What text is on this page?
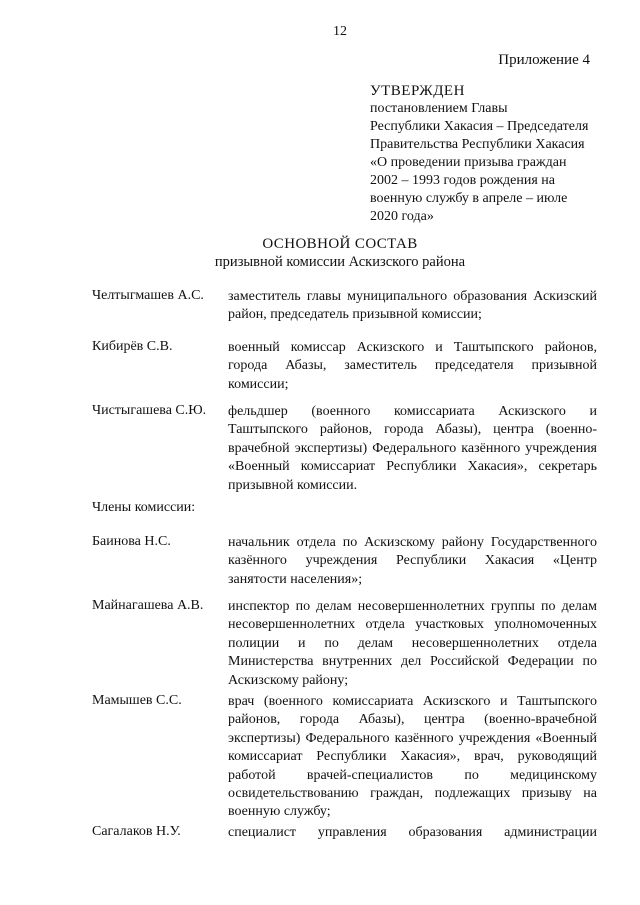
12
Приложение 4
УТВЕРЖДЕН
постановлением Главы
Республики Хакасия – Председателя
Правительства Республики Хакасия
«О проведении призыва граждан
2002 – 1993 годов рождения на
военную службу в апреле – июле
2020 года»
ОСНОВНОЙ СОСТАВ
призывной комиссии Аскизского района
Челтыгмашев А.С.	заместитель главы муниципального образования Аскизский
район, председатель призывной комиссии;
Кибирёв С.В.	военный комиссар Аскизского и Таштыпского районов,
города Абазы, заместитель председателя призывной
комиссии;
Чистыгашева С.Ю.	фельдшер (военного комиссариата Аскизского и
Таштыпского районов, города Абазы), центра (военно-
врачебной экспертизы) Федерального казённого учреждения
«Военный комиссариат Республики Хакасия», секретарь
призывной комиссии.
Члены комиссии:
Баинова Н.С.	начальник отдела по Аскизскому району Государственного
казённого учреждения Республики Хакасия «Центр
занятости населения»;
Майнагашева А.В.	инспектор по делам несовершеннолетних группы по делам
несовершеннолетних отдела участковых уполномоченных
полиции и по делам несовершеннолетних отдела
Министерства внутренних дел Российской Федерации по
Аскизскому району;
Мамышев С.С.	врач (военного комиссариата Аскизского и Таштыпского
районов, города Абазы), центра (военно-врачебной
экспертизы) Федерального казённого учреждения «Военный
комиссариат Республики Хакасия», врач, руководящий
работой врачей-специалистов по медицинскому
освидетельствованию граждан, подлежащих призыву на
военную службу;
Сагалаков Н.У.	специалист управления образования администрации
